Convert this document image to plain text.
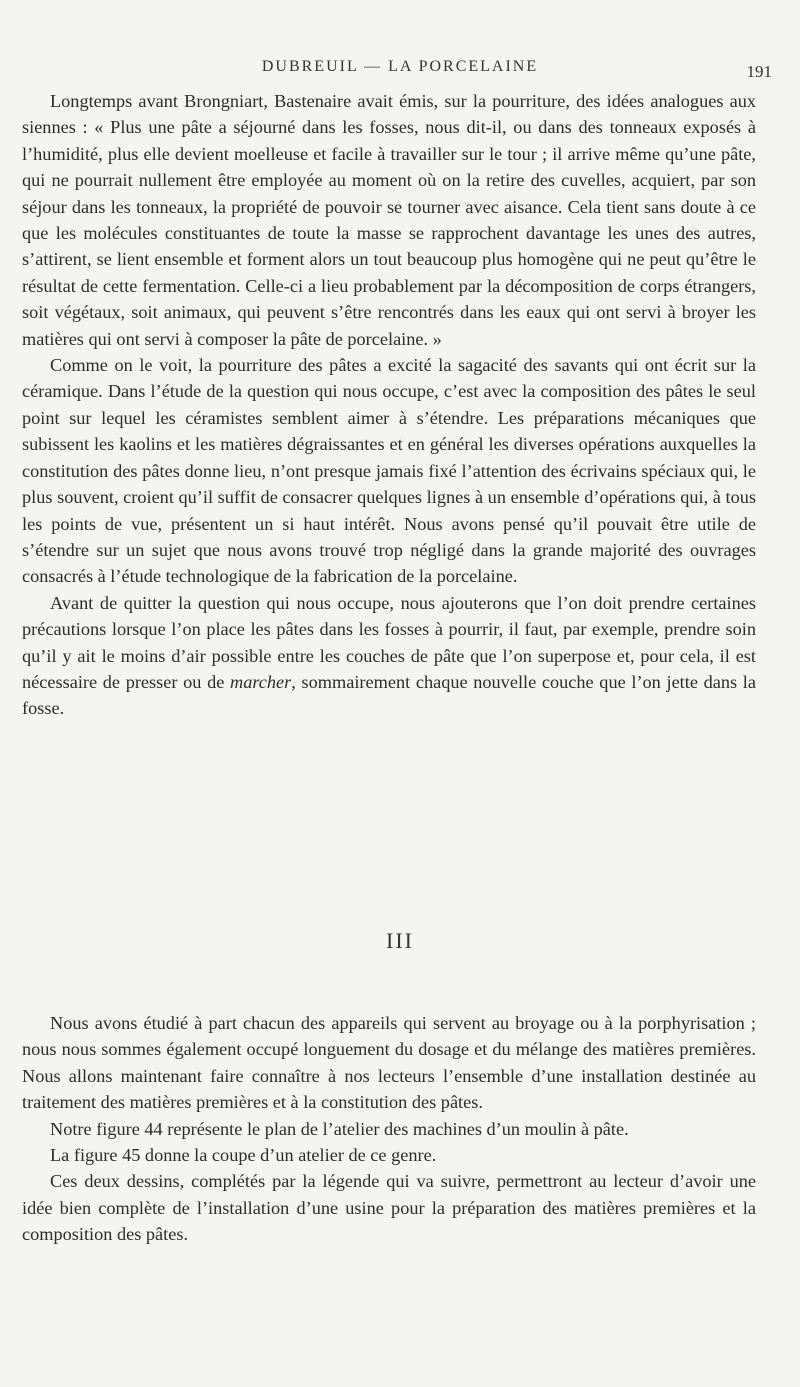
DUBREUIL — LA PORCELAINE	191

Longtemps avant Brongniart, Bastenaire avait émis, sur la pourriture, des idées analogues aux siennes : « Plus une pâte a séjourné dans les fosses, nous dit-il, ou dans des tonneaux exposés à l’humidité, plus elle devient moelleuse et facile à travailler sur le tour ; il arrive même qu’une pâte, qui ne pourrait nullement être employée au moment où on la retire des cuvelles, acquiert, par son séjour dans les tonneaux, la propriété de pouvoir se tourner avec aisance. Cela tient sans doute à ce que les molécules constituantes de toute la masse se rapprochent davantage les unes des autres, s’attirent, se lient ensemble et forment alors un tout beaucoup plus homogène qui ne peut qu’être le résultat de cette fermentation. Celle-ci a lieu probablement par la décomposition de corps étrangers, soit végétaux, soit animaux, qui peuvent s’être rencontrés dans les eaux qui ont servi à broyer les matières qui ont servi à composer la pâte de porcelaine. »

Comme on le voit, la pourriture des pâtes a excité la sagacité des savants qui ont écrit sur la céramique. Dans l’étude de la question qui nous occupe, c’est avec la composition des pâtes le seul point sur lequel les céramistes semblent aimer à s’étendre. Les préparations mécaniques que subissent les kaolins et les matières dégraissantes et en général les diverses opérations auxquelles la constitution des pâtes donne lieu, n’ont presque jamais fixé l’attention des écrivains spéciaux qui, le plus souvent, croient qu’il suffit de consacrer quelques lignes à un ensemble d’opérations qui, à tous les points de vue, présentent un si haut intérêt. Nous avons pensé qu’il pouvait être utile de s’étendre sur un sujet que nous avons trouvé trop négligé dans la grande majorité des ouvrages consacrés à l’étude technologique de la fabrication de la porcelaine.

Avant de quitter la question qui nous occupe, nous ajouterons que l’on doit prendre certaines précautions lorsque l’on place les pâtes dans les fosses à pourrir, il faut, par exemple, prendre soin qu’il y ait le moins d’air possible entre les couches de pâte que l’on superpose et, pour cela, il est nécessaire de presser ou de marcher, sommairement chaque nouvelle couche que l’on jette dans la fosse.

III

Nous avons étudié à part chacun des appareils qui servent au broyage ou à la porphyrisation ; nous nous sommes également occupé longuement du dosage et du mélange des matières premières. Nous allons maintenant faire connaître à nos lecteurs l’ensemble d’une installation destinée au traitement des matières premières et à la constitution des pâtes.

Notre figure 44 représente le plan de l’atelier des machines d’un moulin à pâte.

La figure 45 donne la coupe d’un atelier de ce genre.

Ces deux dessins, complétés par la légende qui va suivre, permettront au lecteur d’avoir une idée bien complète de l’installation d’une usine pour la préparation des matières premières et la composition des pâtes.
